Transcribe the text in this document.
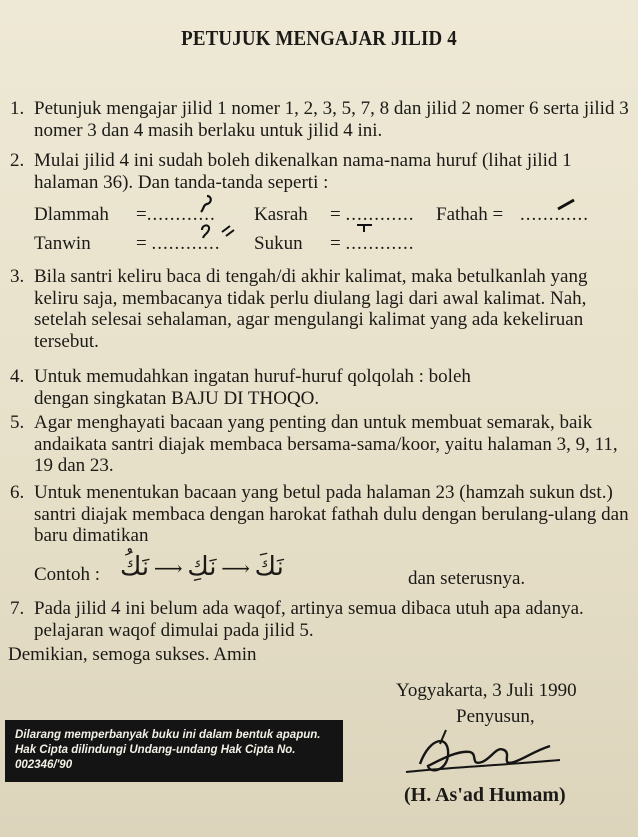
PETUJUK MENGAJAR JILID 4
1. Petunjuk mengajar jilid 1 nomer 1, 2, 3, 5, 7, 8 dan jilid 2 nomer 6 serta jilid 3 nomer 3 dan 4 masih berlaku untuk jilid 4 ini.
2. Mulai jilid 4 ini sudah boleh dikenalkan nama-nama huruf (lihat jilid 1 halaman 36). Dan tanda-tanda seperti :
Dlammah =............ Kasrah = ............ Fathah = ............
Tanwin = ............ Sukun = ............
3. Bila santri keliru baca di tengah/di akhir kalimat, maka betulkanlah yang keliru saja, membacanya tidak perlu diulang lagi dari awal kalimat. Nah, setelah selesai sehalaman, agar mengulangi kalimat yang ada kekeliruan tersebut.
4. Untuk memudahkan ingatan huruf-huruf qolqolah : boleh dengan singkatan BAJU DI THOQO.
5. Agar menghayati bacaan yang penting dan untuk membuat semarak, baik andaikata santri diajak membaca bersama-sama/koor, yaitu halaman 3, 9, 11, 19 dan 23.
6. Untuk menentukan bacaan yang betul pada halaman 23 (hamzah sukun dst.) santri diajak membaca dengan harokat fathah dulu dengan berulang-ulang dan baru dimatikan
Contoh :	نَكَ ⟶ نَكِ ⟶ نَكُ	dan seterusnya.
7. Pada jilid 4 ini belum ada waqof, artinya semua dibaca utuh apa adanya. pelajaran waqof dimulai pada jilid 5.
Demikian, semoga sukses. Amin
Yogyakarta, 3 Juli 1990
Penyusun,
(H. As'ad Humam)
Dilarang memperbanyak buku ini dalam bentuk apapun. Hak Cipta dilindungi Undang-undang Hak Cipta No. 002346/'90
